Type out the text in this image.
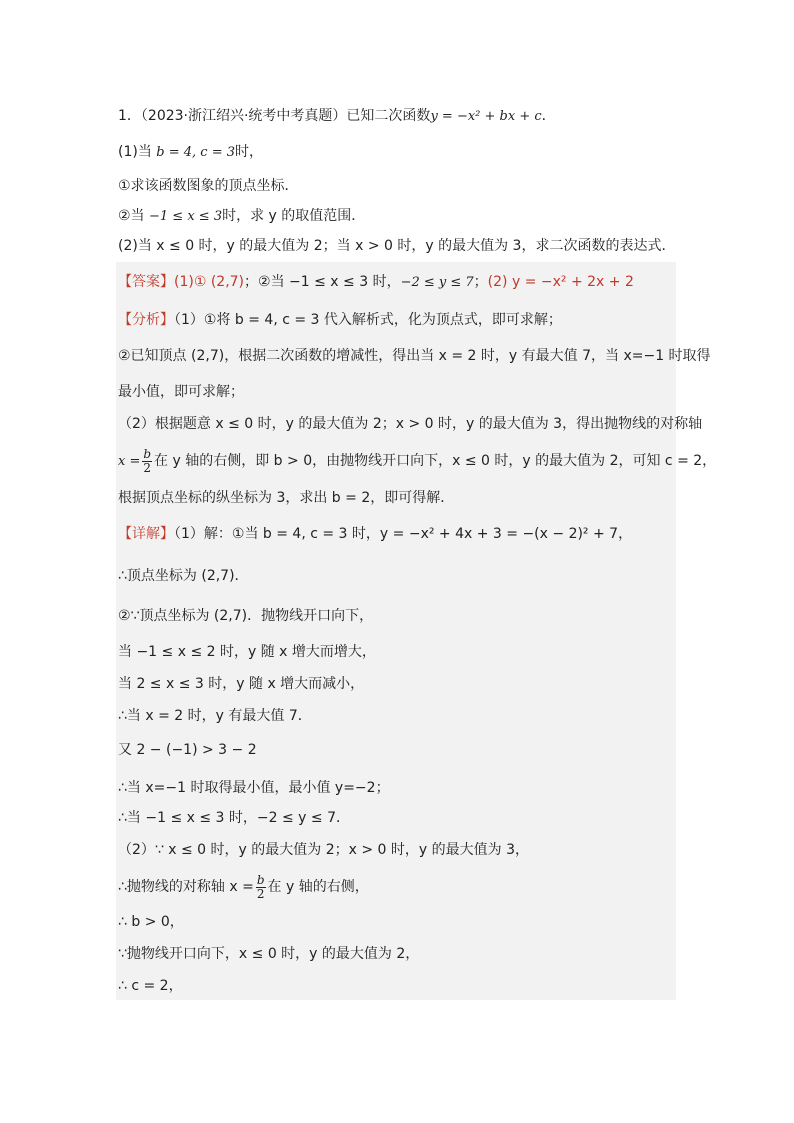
1．（2023·浙江绍兴·统考中考真题）已知二次函数y = −x² + bx + c．
(1)当 b = 4, c = 3时，
①求该函数图象的顶点坐标．
②当 −1 ≤ x ≤ 3时，求 y 的取值范围．
(2)当 x ≤ 0 时，y 的最大值为 2；当 x > 0 时，y 的最大值为 3，求二次函数的表达式．
【答案】(1)① (2,7)；②当 −1 ≤ x ≤ 3 时，−2 ≤ y ≤ 7；(2) y = −x² + 2x + 2
【分析】（1）①将 b = 4, c = 3 代入解析式，化为顶点式，即可求解；
②已知顶点 (2,7)，根据二次函数的增减性，得出当 x = 2 时，y 有最大值 7，当 x=−1 时取得
最小值，即可求解；
（2）根据题意 x ≤ 0 时，y 的最大值为 2；x > 0 时，y 的最大值为 3，得出抛物线的对称轴
$x = \frac{b}{2}$ 在 y 轴的右侧，即 b > 0，由抛物线开口向下，x ≤ 0 时，y 的最大值为 2，可知 c = 2，
根据顶点坐标的纵坐标为 3，求出 b = 2，即可得解．
【详解】（1）解：①当 b = 4, c = 3 时，y = −x² + 4x + 3 = −(x − 2)² + 7，
∴顶点坐标为 (2,7)．
②∵顶点坐标为 (2,7)．抛物线开口向下，
当 −1 ≤ x ≤ 2 时，y 随 x 增大而增大，
当 2 ≤ x ≤ 3 时，y 随 x 增大而减小，
∴当 x = 2 时，y 有最大值 7．
又 2 − (−1) > 3 − 2
∴当 x=−1 时取得最小值，最小值 y=−2；
∴当 −1 ≤ x ≤ 3 时，−2 ≤ y ≤ 7．
（2）∵ x ≤ 0 时，y 的最大值为 2；x > 0 时，y 的最大值为 3，
∴抛物线的对称轴 $x = \frac{b}{2}$ 在 y 轴的右侧，
∴ b > 0，
∵抛物线开口向下，x ≤ 0 时，y 的最大值为 2，
∴ c = 2，
